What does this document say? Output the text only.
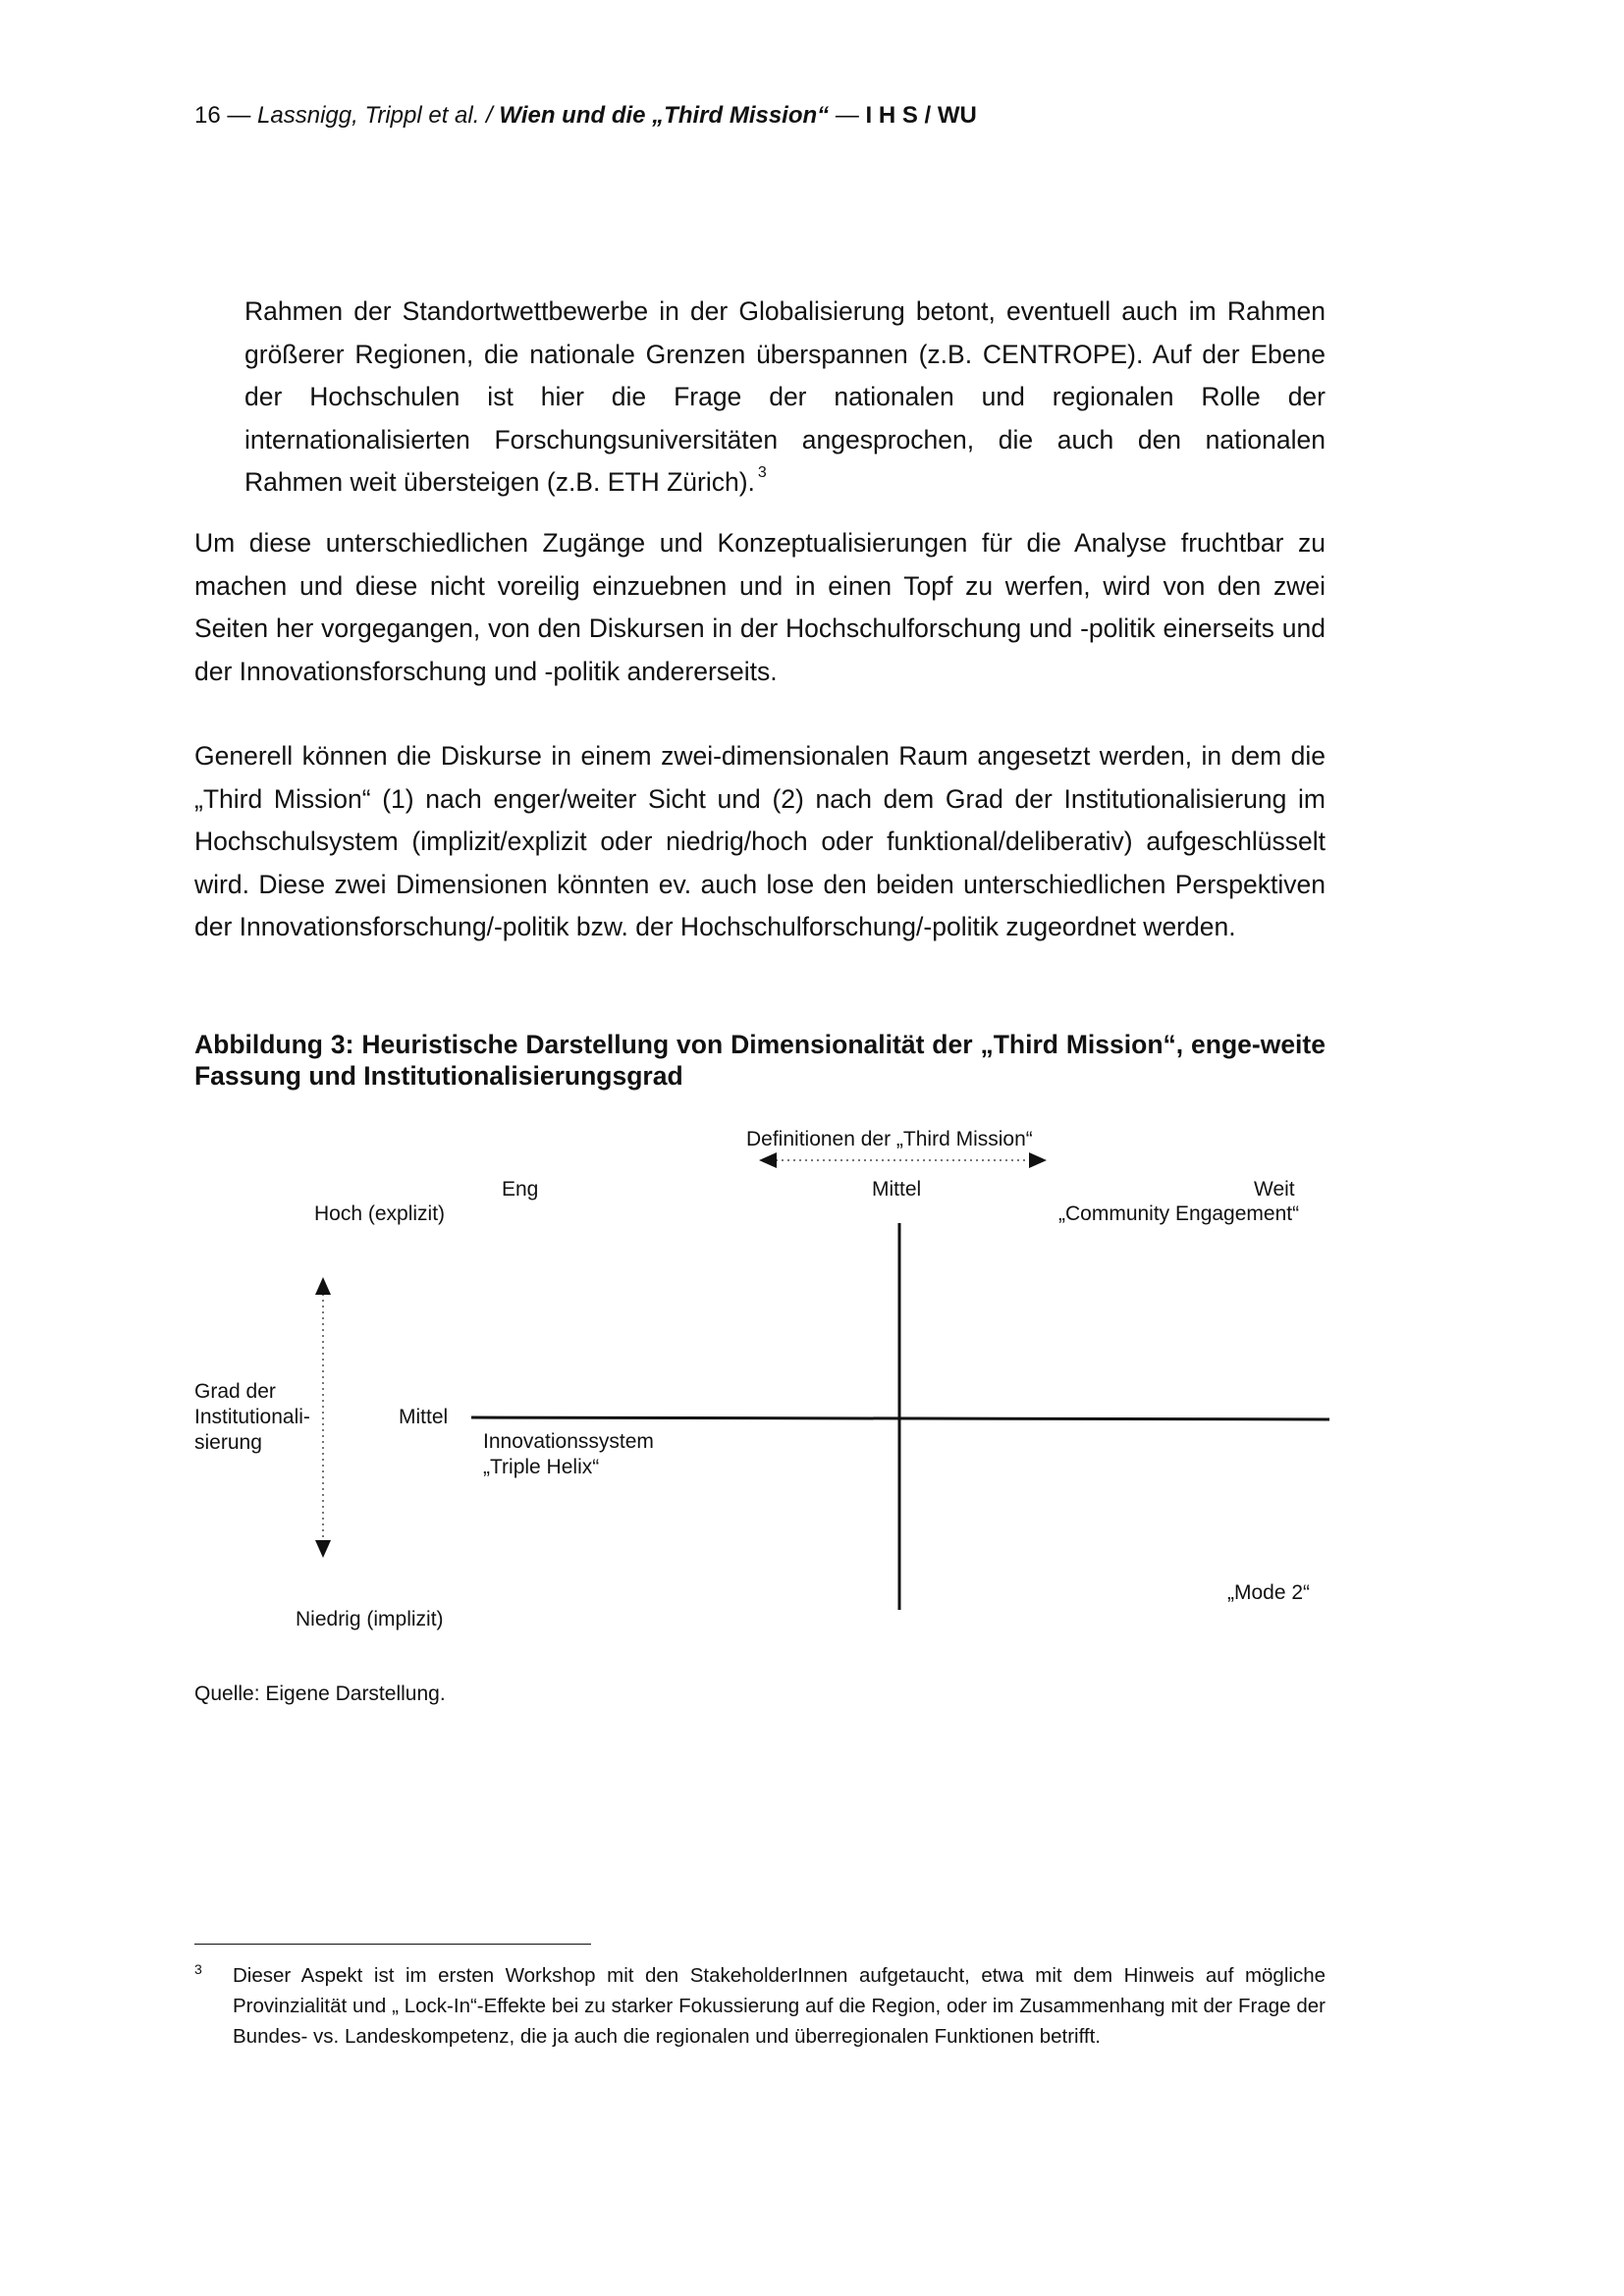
16 — Lassnigg, Trippl et al. / Wien und die „Third Mission“ — I H S / WU

Rahmen der Standortwettbewerbe in der Globalisierung betont, eventuell auch im Rahmen größerer Regionen, die nationale Grenzen überspannen (z.B. CENTROPE). Auf der Ebene der Hochschulen ist hier die Frage der nationalen und regionalen Rolle der internationalisierten Forschungsuniversitäten angesprochen, die auch den nationalen Rahmen weit übersteigen (z.B. ETH Zürich). $^3$

Um diese unterschiedlichen Zugänge und Konzeptualisierungen für die Analyse fruchtbar zu machen und diese nicht voreilig einzuebnen und in einen Topf zu werfen, wird von den zwei Seiten her vorgegangen, von den Diskursen in der Hochschulforschung und -politik einerseits und der Innovationsforschung und -politik andererseits.

Generell können die Diskurse in einem zwei-dimensionalen Raum angesetzt werden, in dem die „Third Mission“ (1) nach enger/weiter Sicht und (2) nach dem Grad der Institutionalisierung im Hochschulsystem (implizit/explizit oder niedrig/hoch oder funktional/deliberativ) aufgeschlüsselt wird. Diese zwei Dimensionen könnten ev. auch lose den beiden unterschiedlichen Perspektiven der Innovationsforschung/-politik bzw. der Hochschulforschung/-politik zugeordnet werden.

Abbildung 3: Heuristische Darstellung von Dimensionalität der „Third Mission“, enge-weite Fassung und Institutionalisierungsgrad

Definitionen der „Third Mission“
Eng	Mittel	Weit
„Community Engagement“
Hoch (explizit)
Grad der
Institutionali-
sierung
Mittel
Innovationssystem
„Triple Helix“
„Mode 2“
Niedrig (implizit)
Quelle: Eigene Darstellung.
3 Dieser Aspekt ist im ersten Workshop mit den StakeholderInnen aufgetaucht, etwa mit dem Hinweis auf mögliche Provinzialität und „ Lock-In“-Effekte bei zu starker Fokussierung auf die Region, oder im Zusammenhang mit der Frage der Bundes- vs. Landeskompetenz, die ja auch die regionalen und überregionalen Funktionen betrifft.
